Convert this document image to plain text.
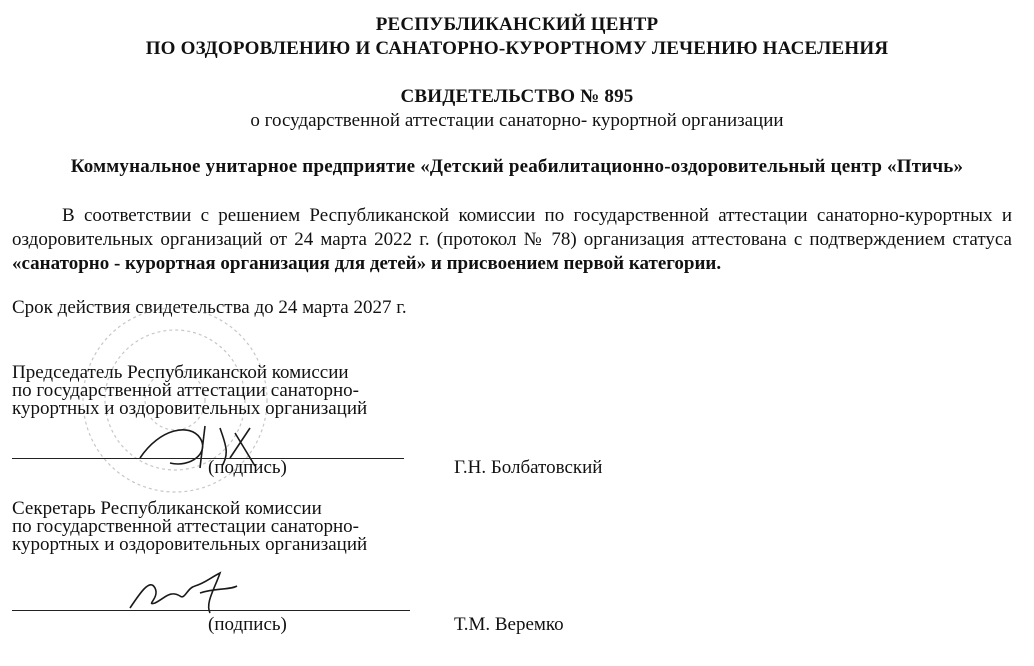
РЕСПУБЛИКАНСКИЙ ЦЕНТР
ПО ОЗДОРОВЛЕНИЮ И САНАТОРНО-КУРОРТНОМУ ЛЕЧЕНИЮ НАСЕЛЕНИЯ
СВИДЕТЕЛЬСТВО № 895
о государственной аттестации санаторно- курортной организации
Коммунальное унитарное предприятие «Детский реабилитационно-оздоровительный центр «Птичь»
В соответствии с решением Республиканской комиссии по государственной аттестации санаторно-курортных и оздоровительных организаций от 24 марта 2022 г. (протокол № 78) организация аттестована с подтверждением статуса «санаторно - курортная организация для детей» и присвоением первой категории.
Срок действия свидетельства до 24 марта 2027 г.
Председатель Республиканской комиссии
по государственной аттестации санаторно-
курортных и оздоровительных организаций
(подпись)	Г.Н. Болбатовский
Секретарь Республиканской комиссии
по государственной аттестации санаторно-
курортных и оздоровительных организаций
(подпись)	Т.М. Веремко
